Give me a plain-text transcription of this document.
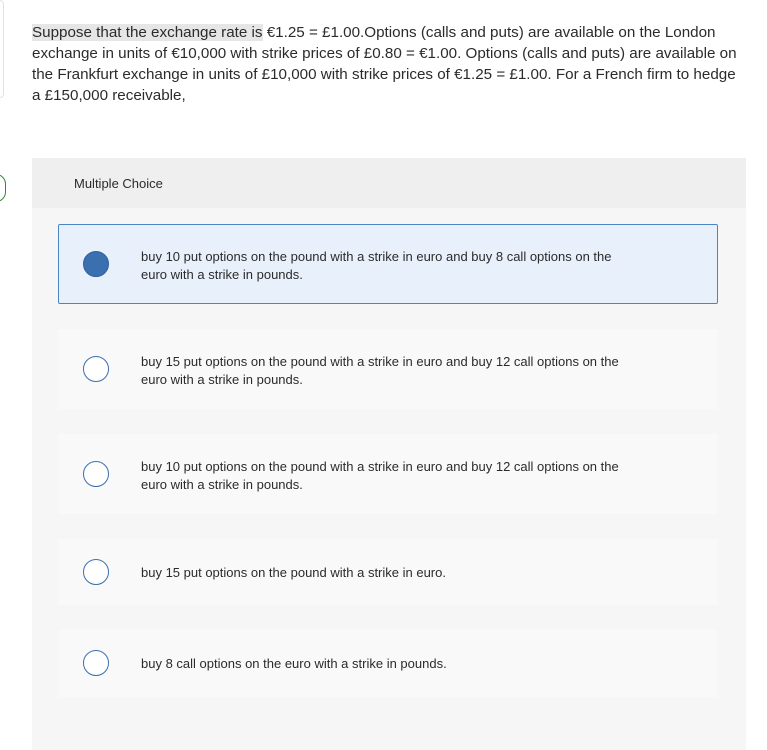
Suppose that the exchange rate is €1.25 = £1.00.Options (calls and puts) are available on the London exchange in units of €10,000 with strike prices of £0.80 = €1.00. Options (calls and puts) are available on the Frankfurt exchange in units of £10,000 with strike prices of €1.25 = £1.00. For a French firm to hedge a £150,000 receivable,
Multiple Choice
buy 10 put options on the pound with a strike in euro and buy 8 call options on the euro with a strike in pounds.
buy 15 put options on the pound with a strike in euro and buy 12 call options on the euro with a strike in pounds.
buy 10 put options on the pound with a strike in euro and buy 12 call options on the euro with a strike in pounds.
buy 15 put options on the pound with a strike in euro.
buy 8 call options on the euro with a strike in pounds.
